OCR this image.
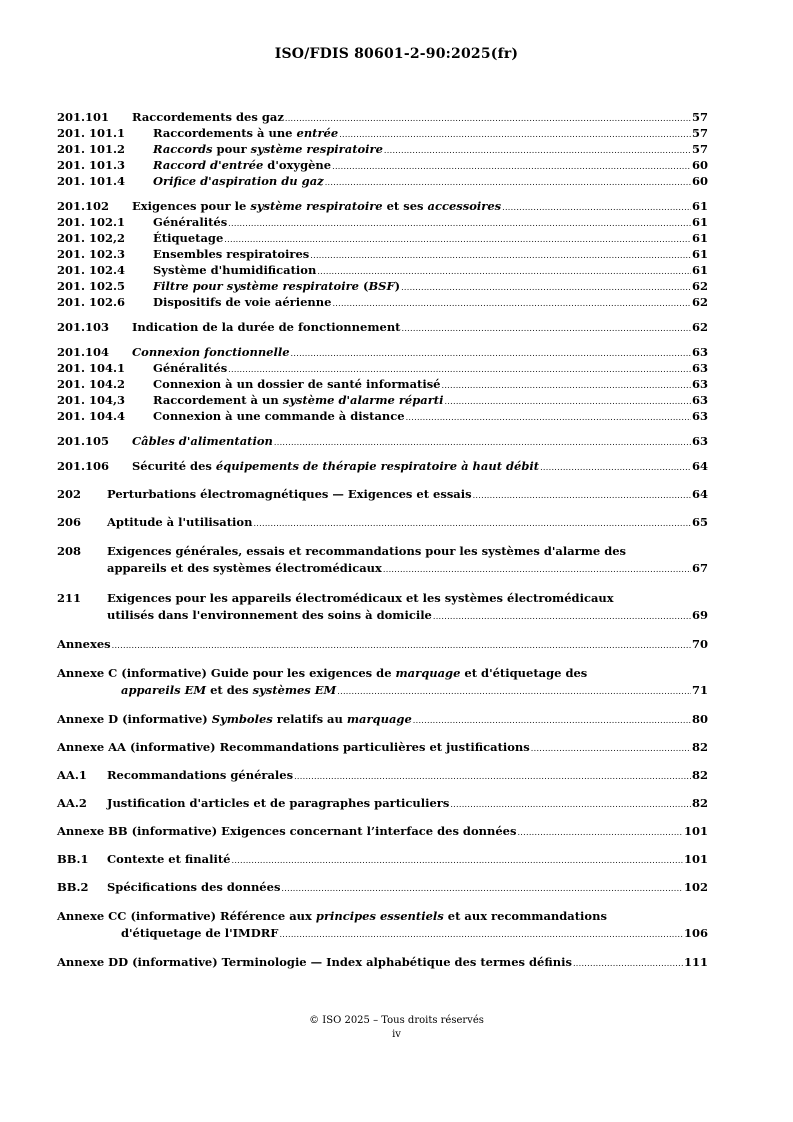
ISO/FDIS 80601-2-90:2025(fr)
201.101	Raccordements des gaz .....	57
201. 101.1	Raccordements à une entrée .....	57
201. 101.2	Raccords pour système respiratoire .....	57
201. 101.3	Raccord d'entrée d'oxygène .....	60
201. 101.4	Orifice d'aspiration du gaz .....	60
201.102	Exigences pour le système respiratoire et ses accessoires .....	61
201. 102.1	Généralités .....	61
201. 102,2	Étiquetage .....	61
201. 102.3	Ensembles respiratoires .....	61
201. 102.4	Système d'humidification .....	61
201. 102.5	Filtre pour système respiratoire (BSF) .....	62
201. 102.6	Dispositifs de voie aérienne .....	62
201.103	Indication de la durée de fonctionnement .....	62
201.104	Connexion fonctionnelle .....	63
201. 104.1	Généralités .....	63
201. 104.2	Connexion à un dossier de santé informatisé .....	63
201. 104,3	Raccordement à un système d'alarme réparti .....	63
201. 104.4	Connexion à une commande à distance .....	63
201.105	Câbles d'alimentation .....	63
201.106	Sécurité des équipements de thérapie respiratoire à haut débit .....	64
202	Perturbations électromagnétiques — Exigences et essais .....	64
206	Aptitude à l'utilisation .....	65
208	Exigences générales, essais et recommandations pour les systèmes d'alarme des
appareils et des systèmes électromédicaux .....	67
211	Exigences pour les appareils électromédicaux et les systèmes électromédicaux
utilisés dans l'environnement des soins à domicile .....	69
Annexes .....	70
Annexe C (informative) Guide pour les exigences de marquage et d'étiquetage des
appareils EM et des systèmes EM .....	71
Annexe D (informative) Symboles relatifs au marquage .....	80
Annexe AA (informative) Recommandations particulières et justifications .....	82
AA.1	Recommandations générales .....	82
AA.2	Justification d'articles et de paragraphes particuliers .....	82
Annexe BB (informative) Exigences concernant l’interface des données .....	101
BB.1	Contexte et finalité .....	101
BB.2	Spécifications des données .....	102
Annexe CC (informative) Référence aux principes essentiels et aux recommandations
d'étiquetage de l'IMDRF .....	106
Annexe DD (informative) Terminologie — Index alphabétique des termes définis .....	111
© ISO 2025 – Tous droits réservés
iv
